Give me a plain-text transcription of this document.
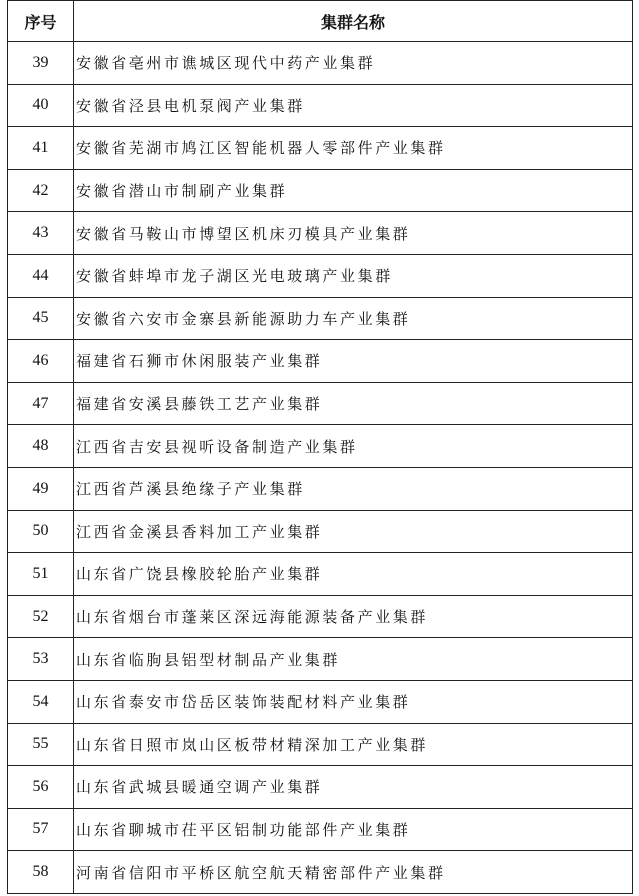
序号	集群名称
39	安徽省亳州市谯城区现代中药产业集群
40	安徽省泾县电机泵阀产业集群
41	安徽省芜湖市鸠江区智能机器人零部件产业集群
42	安徽省潜山市制刷产业集群
43	安徽省马鞍山市博望区机床刃模具产业集群
44	安徽省蚌埠市龙子湖区光电玻璃产业集群
45	安徽省六安市金寨县新能源助力车产业集群
46	福建省石狮市休闲服装产业集群
47	福建省安溪县藤铁工艺产业集群
48	江西省吉安县视听设备制造产业集群
49	江西省芦溪县绝缘子产业集群
50	江西省金溪县香料加工产业集群
51	山东省广饶县橡胶轮胎产业集群
52	山东省烟台市蓬莱区深远海能源装备产业集群
53	山东省临朐县铝型材制品产业集群
54	山东省泰安市岱岳区装饰装配材料产业集群
55	山东省日照市岚山区板带材精深加工产业集群
56	山东省武城县暖通空调产业集群
57	山东省聊城市茌平区铝制功能部件产业集群
58	河南省信阳市平桥区航空航天精密部件产业集群
